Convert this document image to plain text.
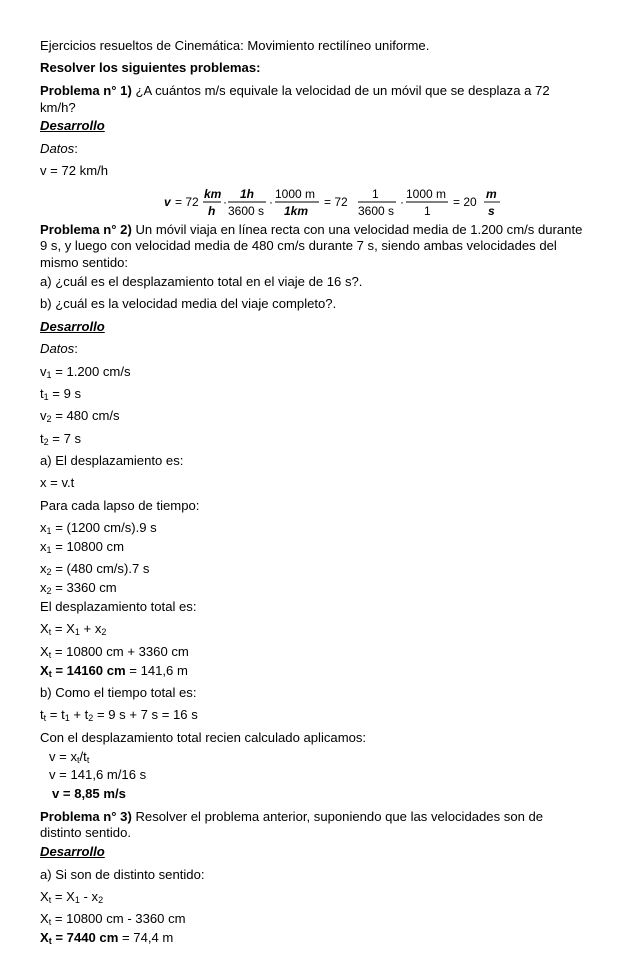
Ejercicios resueltos de Cinemática: Movimiento rectilíneo uniforme.
Resolver los siguientes problemas:
Problema n° 1) ¿A cuántos m/s equivale la velocidad de un móvil que se desplaza a 72 km/h?
Desarrollo
Datos:
v = 72 km/h
v = 72
km
h
·
1h
3600 s
·
1000 m
1km
= 72
1
3600 s
·
1000 m
1
= 20
m
s
Problema n° 2) Un móvil viaja en línea recta con una velocidad media de 1.200 cm/s durante 9 s, y luego con velocidad media de 480 cm/s durante 7 s, siendo ambas velocidades del mismo sentido:
a) ¿cuál es el desplazamiento total en el viaje de 16 s?.
b) ¿cuál es la velocidad media del viaje completo?.
Desarrollo
Datos:
$v_1 = 1.200$ cm/s
$t_1 = 9$ s
$v_2 = 480$ cm/s
$t_2 = 7$ s
a) El desplazamiento es:
x = v.t
Para cada lapso de tiempo:
$x_1 = (1200$ cm/s).9 s
$x_1 = 10800$ cm
$x_2 = (480$ cm/s).7 s
$x_2 = 3360$ cm
El desplazamiento total es:
$X_t = X_1 + x_2$
$X_t = 10800$ cm + 3360 cm
$X_t = 14160$ cm = 141,6 m
b) Como el tiempo total es:
$t_t = t_1 + t_2 = 9$ s + 7 s = 16 s
Con el desplazamiento total recien calculado aplicamos:
$v = x_t/t_t$
v = 141,6 m/16 s
v = 8,85 m/s
Problema n° 3) Resolver el problema anterior, suponiendo que las velocidades son de distinto sentido.
Desarrollo
a) Si son de distinto sentido:
$X_t = X_1 - x_2$
$X_t = 10800$ cm - 3360 cm
$X_t = 7440$ cm = 74,4 m
